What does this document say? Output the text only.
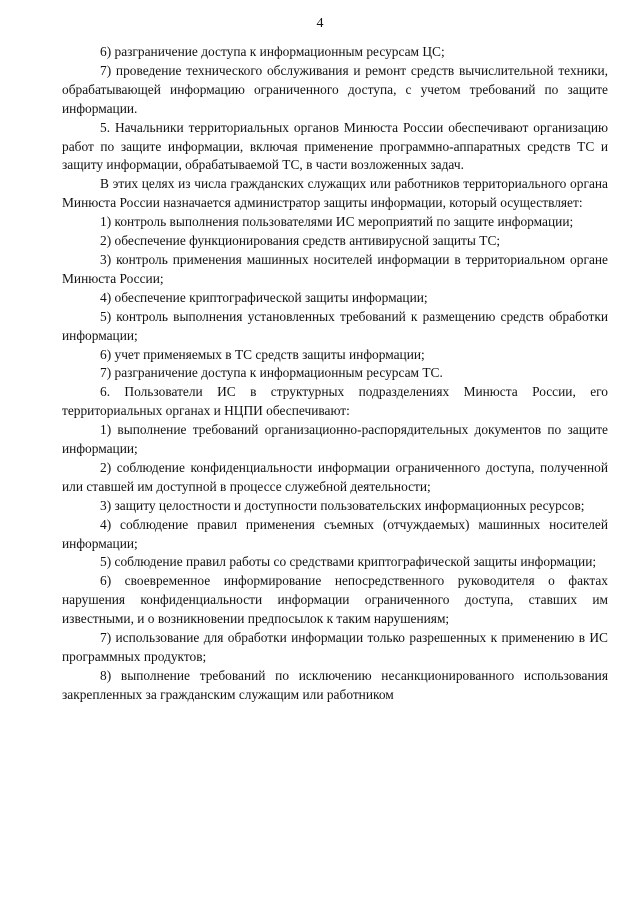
4

6) разграничение доступа к информационным ресурсам ЦС;

7) проведение технического обслуживания и ремонт средств вычислительной техники, обрабатывающей информацию ограниченного доступа, с учетом требований по защите информации.

5. Начальники территориальных органов Минюста России обеспечивают организацию работ по защите информации, включая применение программно-аппаратных средств ТС и защиту информации, обрабатываемой ТС, в части возложенных задач.

В этих целях из числа гражданских служащих или работников территориального органа Минюста России назначается администратор защиты информации, который осуществляет:

1) контроль выполнения пользователями ИС мероприятий по защите информации;

2) обеспечение функционирования средств антивирусной защиты ТС;

3) контроль применения машинных носителей информации в территориальном органе Минюста России;

4) обеспечение криптографической защиты информации;

5) контроль выполнения установленных требований к размещению средств обработки информации;

6) учет применяемых в ТС средств защиты информации;

7) разграничение доступа к информационным ресурсам ТС.

6. Пользователи ИС в структурных подразделениях Минюста России, его территориальных органах и НЦПИ обеспечивают:

1) выполнение требований организационно-распорядительных документов по защите информации;

2) соблюдение конфиденциальности информации ограниченного доступа, полученной или ставшей им доступной в процессе служебной деятельности;

3) защиту целостности и доступности пользовательских информационных ресурсов;

4) соблюдение правил применения съемных (отчуждаемых) машинных носителей информации;

5) соблюдение правил работы со средствами криптографической защиты информации;

6) своевременное информирование непосредственного руководителя о фактах нарушения конфиденциальности информации ограниченного доступа, ставших им известными, и о возникновении предпосылок к таким нарушениям;

7) использование для обработки информации только разрешенных к применению в ИС программных продуктов;

8) выполнение требований по исключению несанкционированного использования закрепленных за гражданским служащим или работником
